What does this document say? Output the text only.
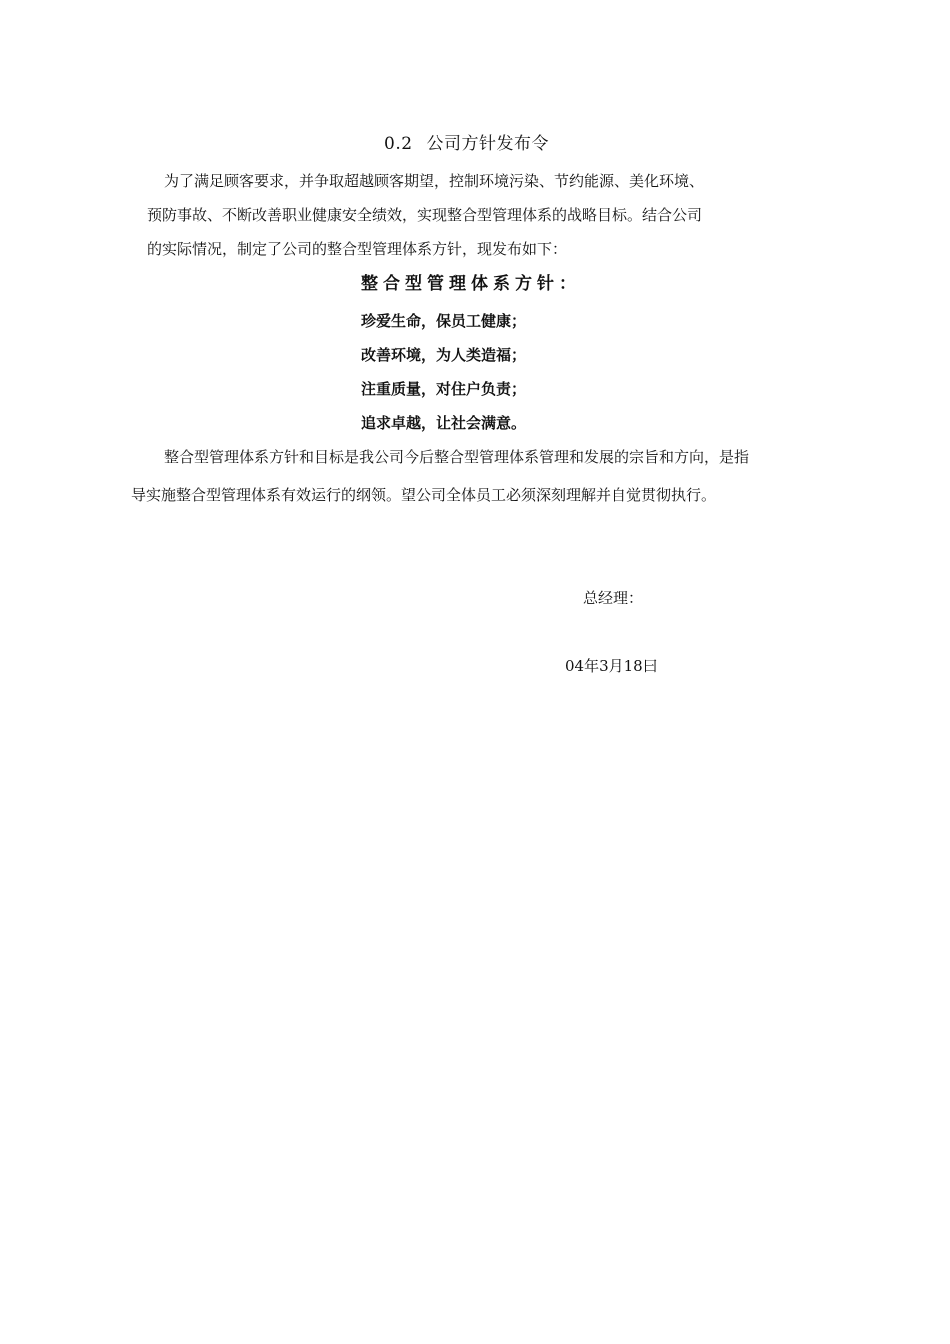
0.2 公司方针发布令
为了满足顾客要求，并争取超越顾客期望，控制环境污染、节约能源、美化环境、
预防事故、不断改善职业健康安全绩效，实现整合型管理体系的战略目标。结合公司
的实际情况，制定了公司的整合型管理体系方针，现发布如下：
整合型管理体系方针：
珍爱生命，保员工健康；
改善环境，为人类造福；
注重质量，对住户负责；
追求卓越，让社会满意。
整合型管理体系方针和目标是我公司今后整合型管理体系管理和发展的宗旨和方向，是指
导实施整合型管理体系有效运行的纲领。望公司全体员工必须深刻理解并自觉贯彻执行。
总经理：
04年3月18曰
